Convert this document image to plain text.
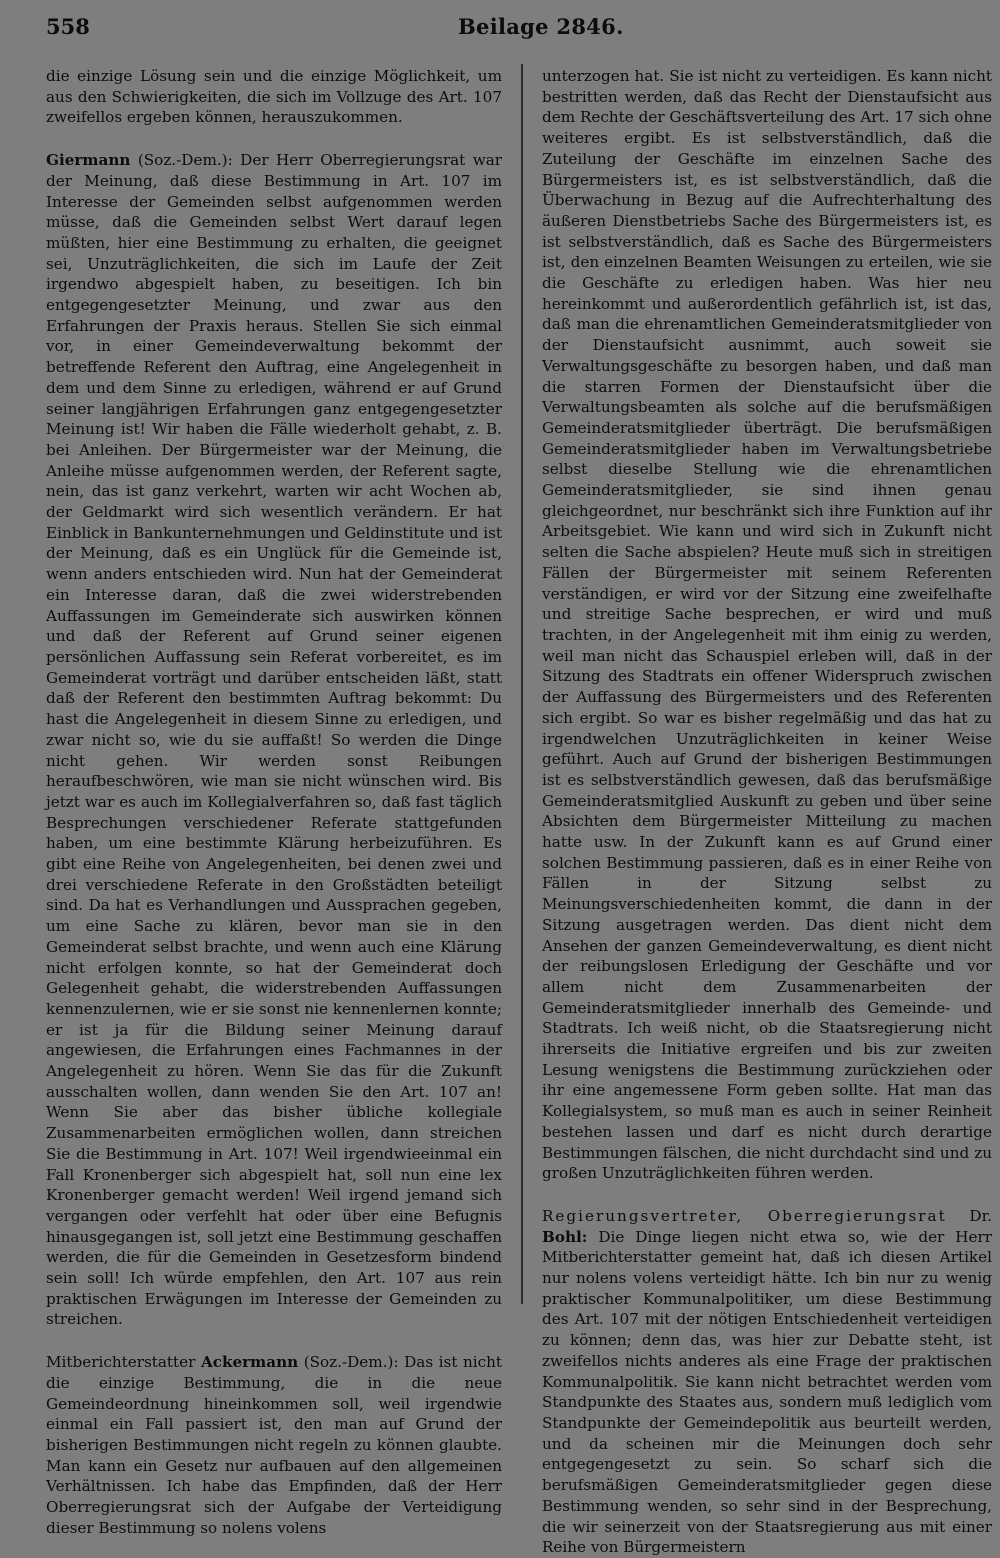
558	Beilage 2846.

die einzige Lösung sein und die einzige Möglichkeit, um aus den Schwierigkeiten, die sich im Vollzuge des Art. 107 zweifellos ergeben können, herauszukommen.

Giermann (Soz.-Dem.): Der Herr Oberregierungsrat war der Meinung, daß diese Bestimmung in Art. 107 im Interesse der Gemeinden selbst aufgenommen werden müsse, daß die Gemeinden selbst Wert darauf legen müßten, hier eine Bestimmung zu erhalten, die geeignet sei, Unzuträglichkeiten, die sich im Laufe der Zeit irgendwo abgespielt haben, zu beseitigen. Ich bin entgegengesetzter Meinung, und zwar aus den Erfahrungen der Praxis heraus. Stellen Sie sich einmal vor, in einer Gemeindeverwaltung bekommt der betreffende Referent den Auftrag, eine Angelegenheit in dem und dem Sinne zu erledigen, während er auf Grund seiner langjährigen Erfahrungen ganz entgegengesetzter Meinung ist! Wir haben die Fälle wiederholt gehabt, z. B. bei Anleihen. Der Bürgermeister war der Meinung, die Anleihe müsse aufgenommen werden, der Referent sagte, nein, das ist ganz verkehrt, warten wir acht Wochen ab, der Geldmarkt wird sich wesentlich verändern. Er hat Einblick in Bankunternehmungen und Geldinstitute und ist der Meinung, daß es ein Unglück für die Gemeinde ist, wenn anders entschieden wird. Nun hat der Gemeinderat ein Interesse daran, daß die zwei widerstrebenden Auffassungen im Gemeinderate sich auswirken können und daß der Referent auf Grund seiner eigenen persönlichen Auffassung sein Referat vorbereitet, es im Gemeinderat vorträgt und darüber entscheiden läßt, statt daß der Referent den bestimmten Auftrag bekommt: Du hast die Angelegenheit in diesem Sinne zu erledigen, und zwar nicht so, wie du sie auffaßt! So werden die Dinge nicht gehen. Wir werden sonst Reibungen heraufbeschwören, wie man sie nicht wünschen wird. Bis jetzt war es auch im Kollegialverfahren so, daß fast täglich Besprechungen verschiedener Referate stattgefunden haben, um eine bestimmte Klärung herbeizuführen. Es gibt eine Reihe von Angelegenheiten, bei denen zwei und drei verschiedene Referate in den Großstädten beteiligt sind. Da hat es Verhandlungen und Aussprachen gegeben, um eine Sache zu klären, bevor man sie in den Gemeinderat selbst brachte, und wenn auch eine Klärung nicht erfolgen konnte, so hat der Gemeinderat doch Gelegenheit gehabt, die widerstrebenden Auffassungen kennenzulernen, wie er sie sonst nie kennenlernen konnte; er ist ja für die Bildung seiner Meinung darauf angewiesen, die Erfahrungen eines Fachmannes in der Angelegenheit zu hören. Wenn Sie das für die Zukunft ausschalten wollen, dann wenden Sie den Art. 107 an! Wenn Sie aber das bisher übliche kollegiale Zusammenarbeiten ermöglichen wollen, dann streichen Sie die Bestimmung in Art. 107! Weil irgendwieeinmal ein Fall Kronenberger sich abgespielt hat, soll nun eine lex Kronenberger gemacht werden! Weil irgend jemand sich vergangen oder verfehlt hat oder über eine Befugnis hinausgegangen ist, soll jetzt eine Bestimmung geschaffen werden, die für die Gemeinden in Gesetzesform bindend sein soll! Ich würde empfehlen, den Art. 107 aus rein praktischen Erwägungen im Interesse der Gemeinden zu streichen.

Mitberichterstatter Ackermann (Soz.-Dem.): Das ist nicht die einzige Bestimmung, die in die neue Gemeindeordnung hineinkommen soll, weil irgendwie einmal ein Fall passiert ist, den man auf Grund der bisherigen Bestimmungen nicht regeln zu können glaubte. Man kann ein Gesetz nur aufbauen auf den allgemeinen Verhältnissen. Ich habe das Empfinden, daß der Herr Oberregierungsrat sich der Aufgabe der Verteidigung dieser Bestimmung so nolens volens

unterzogen hat. Sie ist nicht zu verteidigen. Es kann nicht bestritten werden, daß das Recht der Dienstaufsicht aus dem Rechte der Geschäftsverteilung des Art. 17 sich ohne weiteres ergibt. Es ist selbstverständlich, daß die Zuteilung der Geschäfte im einzelnen Sache des Bürgermeisters ist, es ist selbstverständlich, daß die Überwachung in Bezug auf die Aufrechterhaltung des äußeren Dienstbetriebs Sache des Bürgermeisters ist, es ist selbstverständlich, daß es Sache des Bürgermeisters ist, den einzelnen Beamten Weisungen zu erteilen, wie sie die Geschäfte zu erledigen haben. Was hier neu hereinkommt und außerordentlich gefährlich ist, ist das, daß man die ehrenamtlichen Gemeinderatsmitglieder von der Dienstaufsicht ausnimmt, auch soweit sie Verwaltungsgeschäfte zu besorgen haben, und daß man die starren Formen der Dienstaufsicht über die Verwaltungsbeamten als solche auf die berufsmäßigen Gemeinderatsmitglieder überträgt. Die berufsmäßigen Gemeinderatsmitglieder haben im Verwaltungsbetriebe selbst dieselbe Stellung wie die ehrenamtlichen Gemeinderatsmitglieder, sie sind ihnen genau gleichgeordnet, nur beschränkt sich ihre Funktion auf ihr Arbeitsgebiet. Wie kann und wird sich in Zukunft nicht selten die Sache abspielen? Heute muß sich in streitigen Fällen der Bürgermeister mit seinem Referenten verständigen, er wird vor der Sitzung eine zweifelhafte und streitige Sache besprechen, er wird und muß trachten, in der Angelegenheit mit ihm einig zu werden, weil man nicht das Schauspiel erleben will, daß in der Sitzung des Stadtrats ein offener Widerspruch zwischen der Auffassung des Bürgermeisters und des Referenten sich ergibt. So war es bisher regelmäßig und das hat zu irgendwelchen Unzuträglichkeiten in keiner Weise geführt. Auch auf Grund der bisherigen Bestimmungen ist es selbstverständlich gewesen, daß das berufsmäßige Gemeinderatsmitglied Auskunft zu geben und über seine Absichten dem Bürgermeister Mitteilung zu machen hatte usw. In der Zukunft kann es auf Grund einer solchen Bestimmung passieren, daß es in einer Reihe von Fällen in der Sitzung selbst zu Meinungsverschiedenheiten kommt, die dann in der Sitzung ausgetragen werden. Das dient nicht dem Ansehen der ganzen Gemeindeverwaltung, es dient nicht der reibungslosen Erledigung der Geschäfte und vor allem nicht dem Zusammenarbeiten der Gemeinderatsmitglieder innerhalb des Gemeinde- und Stadtrats. Ich weiß nicht, ob die Staatsregierung nicht ihrerseits die Initiative ergreifen und bis zur zweiten Lesung wenigstens die Bestimmung zurückziehen oder ihr eine angemessene Form geben sollte. Hat man das Kollegialsystem, so muß man es auch in seiner Reinheit bestehen lassen und darf es nicht durch derartige Bestimmungen fälschen, die nicht durchdacht sind und zu großen Unzuträglichkeiten führen werden.

Regierungsvertreter, Oberregierungsrat Dr. Bohl: Die Dinge liegen nicht etwa so, wie der Herr Mitberichterstatter gemeint hat, daß ich diesen Artikel nur nolens volens verteidigt hätte. Ich bin nur zu wenig praktischer Kommunalpolitiker, um diese Bestimmung des Art. 107 mit der nötigen Entschiedenheit verteidigen zu können; denn das, was hier zur Debatte steht, ist zweifellos nichts anderes als eine Frage der praktischen Kommunalpolitik. Sie kann nicht betrachtet werden vom Standpunkte des Staates aus, sondern muß lediglich vom Standpunkte der Gemeindepolitik aus beurteilt werden, und da scheinen mir die Meinungen doch sehr entgegengesetzt zu sein. So scharf sich die berufsmäßigen Gemeinderatsmitglieder gegen diese Bestimmung wenden, so sehr sind in der Besprechung, die wir seinerzeit von der Staatsregierung aus mit einer Reihe von Bürgermeistern
